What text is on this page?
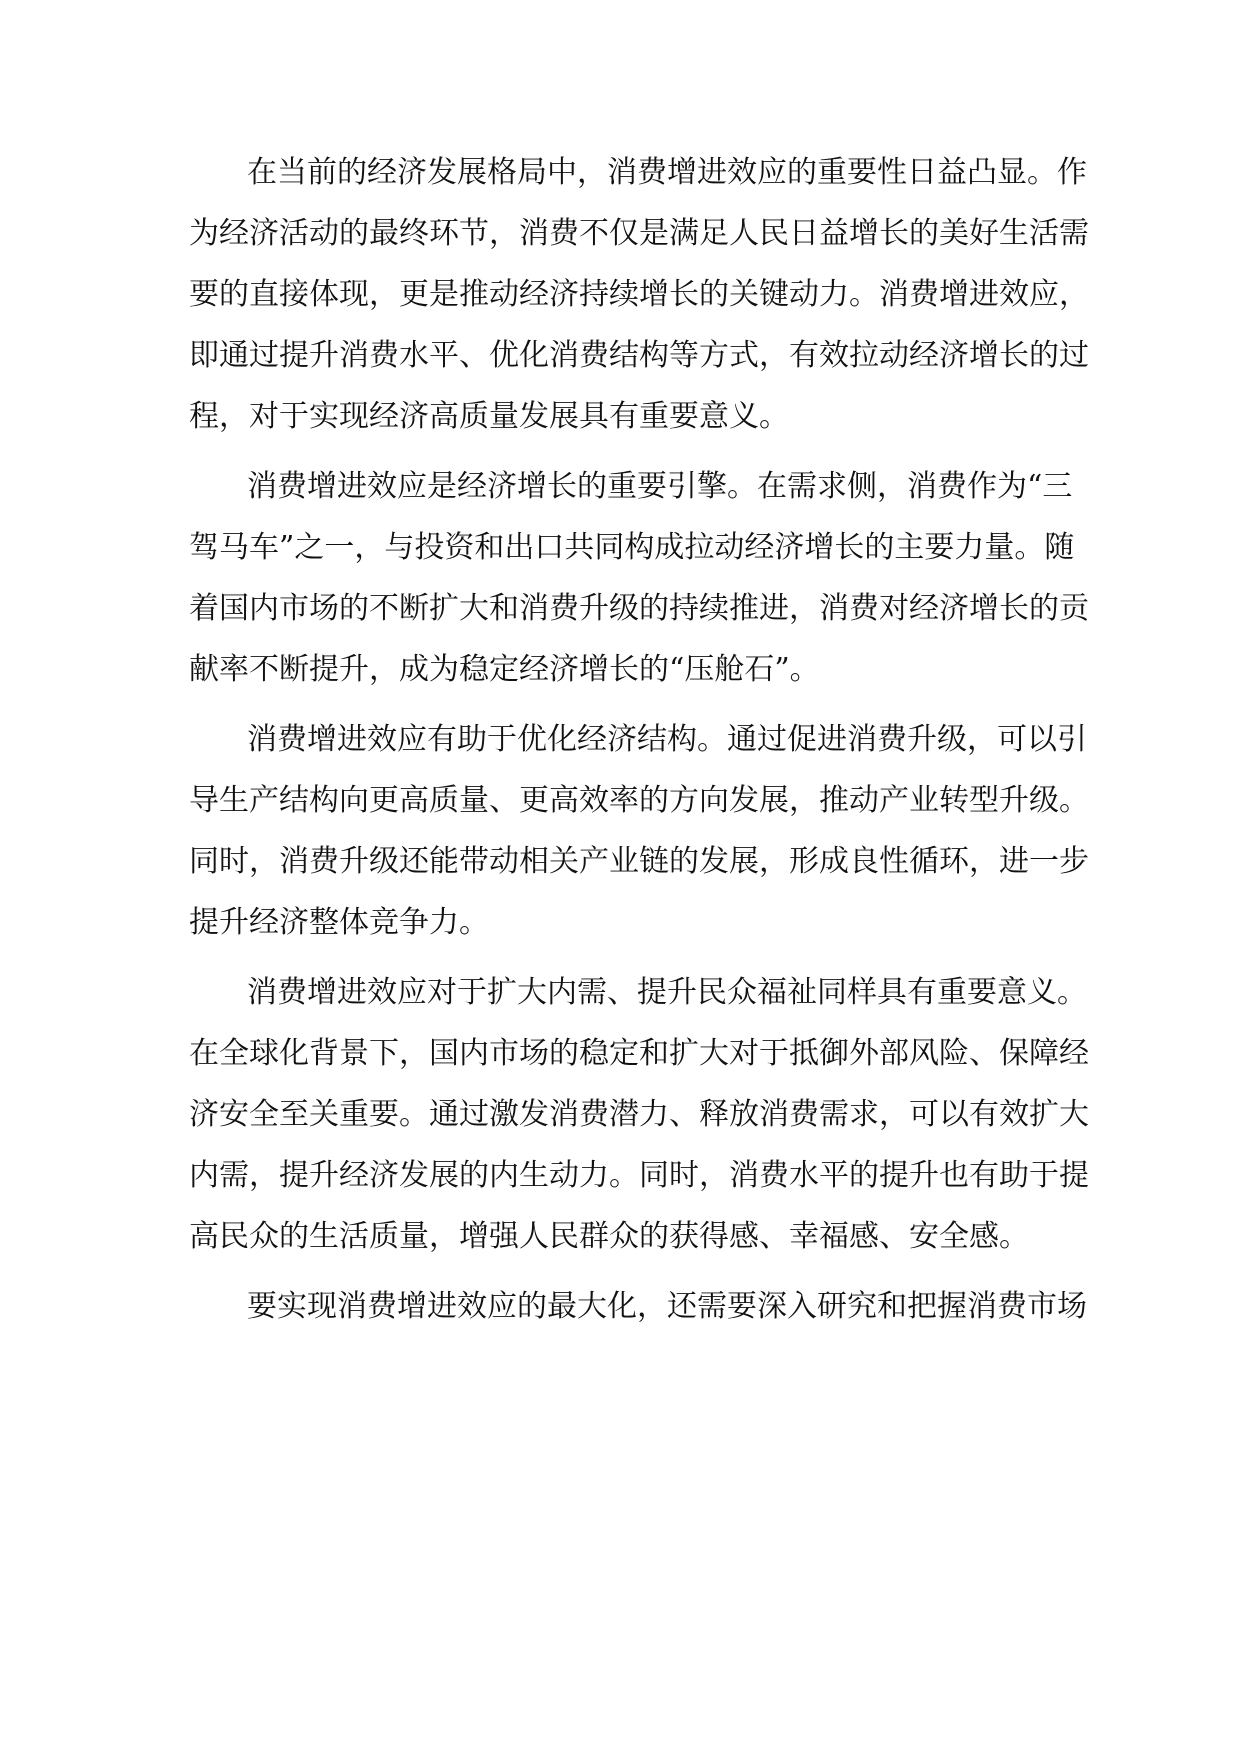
在当前的经济发展格局中，消费增进效应的重要性日益凸显。作
为经济活动的最终环节，消费不仅是满足人民日益增长的美好生活需
要的直接体现，更是推动经济持续增长的关键动力。消费增进效应，
即通过提升消费水平、优化消费结构等方式，有效拉动经济增长的过
程，对于实现经济高质量发展具有重要意义。
消费增进效应是经济增长的重要引擎。在需求侧，消费作为“三
驾马车”之一，与投资和出口共同构成拉动经济增长的主要力量。随
着国内市场的不断扩大和消费升级的持续推进，消费对经济增长的贡
献率不断提升，成为稳定经济增长的“压舱石”。
消费增进效应有助于优化经济结构。通过促进消费升级，可以引
导生产结构向更高质量、更高效率的方向发展，推动产业转型升级。
同时，消费升级还能带动相关产业链的发展，形成良性循环，进一步
提升经济整体竞争力。
消费增进效应对于扩大内需、提升民众福祉同样具有重要意义。
在全球化背景下，国内市场的稳定和扩大对于抵御外部风险、保障经
济安全至关重要。通过激发消费潜力、释放消费需求，可以有效扩大
内需，提升经济发展的内生动力。同时，消费水平的提升也有助于提
高民众的生活质量，增强人民群众的获得感、幸福感、安全感。
要实现消费增进效应的最大化，还需要深入研究和把握消费市场
